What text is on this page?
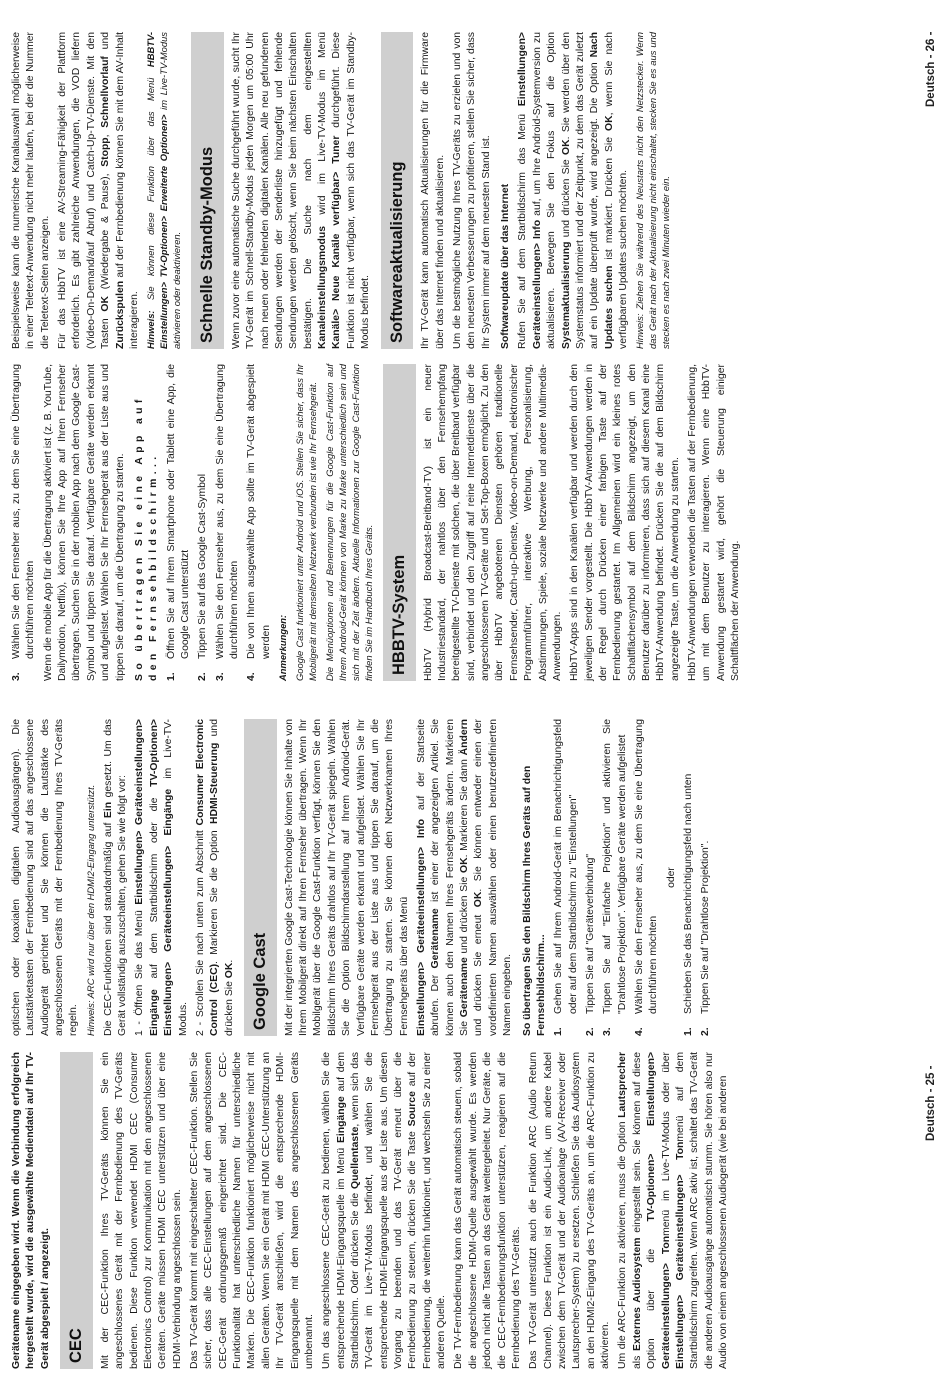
Gerätename eingegeben wird. Wenn die Verbindung erfolgreich hergestellt wurde, wird die ausgewählte Mediendatei auf Ihr TV-Gerät abgespielt / angezeigt. CEC	Mit der CEC-Funktion Ihres TV-Geräts können Sie ein angeschlossenes Gerät mit der Fernbedienung des TV-Geräts bedienen. Diese Funktion verwendet HDMI CEC (Consumer Electronics Control) zur Kommunikation mit den angeschlossenen Geräten. Geräte müssen HDMI CEC unterstützen und über eine HDMI-Verbindung angeschlossen sein. Das TV-Gerät kommt mit eingeschalteter CEC-Funktion. Stellen Sie sicher, dass alle CEC-Einstellungen auf dem angeschlossenen CEC-Gerät ordnungsgemäß eingerichtet sind. Die CEC-Funktionalität hat unterschiedliche Namen für unterschiedliche Marken. Die CEC-Funktion funktioniert möglicherweise nicht mit allen Geräten. Wenn Sie ein Gerät mit HDMI CEC-Unterstützung an Ihr TV-Gerät anschließen, wird die entsprechende HDMI-Eingangsquelle mit dem Namen des angeschlossenen Geräts umbenannt. Um das angeschlossene CEC-Gerät zu bedienen, wählen Sie die entsprechende HDMI-Eingangsquelle im Menü Eingänge auf dem Startbildschirm. Oder drücken Sie die Quellentaste, wenn sich das TV-Gerät im Live-TV-Modus befindet, und wählen Sie die entsprechende HDMI-Eingangsquelle aus der Liste aus. Um diesen Vorgang zu beenden und das TV-Gerät erneut über die Fernbedienung zu steuern, drücken Sie die Taste Source auf der Fernbedienung, die weiterhin funktioniert, und wechseln Sie zu einer anderen Quelle. Die TV-Fernbedienung kann das Gerät automatisch steuern, sobald die angeschlossene HDMI-Quelle ausgewählt wurde. Es werden jedoch nicht alle Tasten an das Gerät weitergeleitet. Nur Geräte, die die CEC-Fernbedienungsfunktion unterstützen, reagieren auf die Fernbedienung des TV-Geräts. Das TV-Gerät unterstützt auch die Funktion ARC (Audio Return Channel). Diese Funktion ist ein Audio-Link, um andere Kabel zwischen dem TV-Gerät und der Audioanlage (A/V-Receiver oder Lautsprecher-System) zu ersetzen. Schließen Sie das Audiosystem an den HDMI2-Eingang des TV-Geräts an, um die ARC-Funktion zu aktivieren. Um die ARC-Funktion zu aktivieren, muss die Option Lautsprecher als Externes Audiosystem eingestellt sein. Sie können auf diese Option über die TV-Optionen> Einstellungen> Geräteeinstellungen> Tonmenü im Live-TV-Modus oder über Einstellungen> Geräteeinstellungen> Tonmenü auf dem Startbildschirm zugreifen. Wenn ARC aktiv ist, schaltet das TV-Gerät die anderen Audioausgänge automatisch stumm. Sie hören also nur Audio von einem angeschlossenen Audiogerät (wie bei anderen
optischen oder koaxialen digitalen Audioausgängen). Die Lautstärketasten der Fernbedienung sind auf das angeschlossene Audiogerät gerichtet und Sie können die Lautstärke des angeschlossenen Geräts mit der Fernbedienung Ihres TV-Geräts regeln. Hinweis: ARC wird nur über den HDMI2-Eingang unterstützt. Die CEC-Funktionen sind standardmäßig auf Ein gesetzt. Um das Gerät vollständig auszuschalten, gehen Sie wie folgt vor: 1 - Öffnen Sie das Menü Einstellungen> Geräteeinstellungen> Eingänge auf dem Startbildschirm oder die TV-Optionen> Einstellungen> Geräteeinstellungen> Eingänge im Live-TV-Modus. 2 - Scrollen Sie nach unten zum Abschnitt Consumer Electronic Control (CEC). Markieren Sie die Option HDMI-Steuerung und drücken Sie OK. Google Cast	Mit der integrierten Google Cast-Technologie können Sie Inhalte von Ihrem Mobilgerät direkt auf Ihren Fernseher übertragen. Wenn Ihr Mobilgerät über die Google Cast-Funktion verfügt, können Sie den Bildschirm Ihres Geräts drahtlos auf Ihr TV-Gerät spiegeln. Wählen Sie die Option Bildschirmdarstellung auf Ihrem Android-Gerät. Verfügbare Geräte werden erkannt und aufgelistet. Wählen Sie Ihr Fernsehgerät aus der Liste aus und tippen Sie darauf, um die Übertragung zu starten. Sie können den Netzwerknamen Ihres Fernsehgeräts über das Menü Einstellungen> Geräteeinstellungen> Info auf der Startseite abrufen. Der Gerätename ist einer der angezeigten Artikel. Sie können auch den Namen Ihres Fernsehgeräts ändern. Markieren Sie Gerätename und drücken Sie OK. Markieren Sie dann Ändern und drücken Sie erneut OK. Sie können entweder einen der vordefinierten Namen auswählen oder einen benutzerdefinierten Namen eingeben. So übertragen Sie den Bildschirm Ihres Geräts auf den Fernsehbildschirm... 1.
Gehen Sie auf Ihrem Android-Gerät im Benachrichtigungsfeld oder auf dem Startbildschirm zu "Einstellungen"
2.
Tippen Sie auf "Geräteverbindung"
3.
Tippen Sie auf "Einfache Projektion" und aktivieren Sie "Drahtlose Projektion". Verfügbare Geräte werden aufgelistet
4.
Wählen Sie den Fernseher aus, zu dem Sie eine Übertragung durchführen möchten
oder
1.
Schieben Sie das Benachrichtigungsfeld nach unten
2.
Tippen Sie auf "Drahtlose Projektion".
3.
Wählen Sie den Fernseher aus, zu dem Sie eine Übertragung durchführen möchten Wenn die mobile App für die Übertragung aktiviert ist (z. B. YouTube, Dailymotion, Netflix), können Sie Ihre App auf Ihren Fernseher übertragen. Suchen Sie in der mobilen App nach dem Google Cast-Symbol und tippen Sie darauf. Verfügbare Geräte werden erkannt und aufgelistet. Wählen Sie Ihr Fernsehgerät aus der Liste aus und tippen Sie darauf, um die Übertragung zu starten. So übertragen Sie eine App auf den Fernsehbildschirm... 1.
Öffnen Sie auf Ihrem Smartphone oder Tablett eine App, die Google Cast unterstützt
2.
Tippen Sie auf das Google Cast-Symbol
3.
Wählen Sie den Fernseher aus, zu dem Sie eine Übertragung durchführen möchten
4.
Die von Ihnen ausgewählte App sollte im TV-Gerät abgespielt werden Anmerkungen: Google Cast funktioniert unter Android und iOS. Stellen Sie sicher, dass Ihr Mobilgerät mit demselben Netzwerk verbunden ist wie Ihr Fernsehgerät. Die Menüoptionen und Benennungen für die Google Cast-Funktion auf Ihrem Android-Gerät können von Marke zu Marke unterschiedlich sein und sich mit der Zeit ändern. Aktuelle Informationen zur Google Cast-Funktion finden Sie im Handbuch Ihres Geräts. HBBTV-System	HbbTV (Hybrid Broadcast-Breitband-TV) ist ein neuer Industriestandard, der nahtlos über den Fernsehempfang bereitgestellte TV-Dienste mit solchen, die über Breitband verfügbar sind, verbindet und den Zugriff auf reine Internetdienste über die angeschlossenen TV-Geräte und Set-Top-Boxen ermöglicht. Zu den über HbbTV angebotenen Diensten gehören traditionelle Fernsehsender, Catch-up-Dienste, Video-on-Demand, elektronischer Programmführer, interaktive Werbung, Personalisierung, Abstimmungen, Spiele, soziale Netzwerke und andere Multimedia-Anwendungen. HbbTV-Apps sind in den Kanälen verfügbar und werden durch den jeweiligen Sender vorgestellt. Die HbbTV-Anwendungen werden in der Regel durch Drücken einer farbigen Taste auf der Fernbedienung gestartet. Im Allgemeinen wird ein kleines rotes Schaltflächensymbol auf dem Bildschirm angezeigt, um den Benutzer darüber zu informieren, dass sich auf diesem Kanal eine HbbTV-Anwendung befindet. Drücken Sie die auf dem Bildschirm angezeigte Taste, um die Anwendung zu starten. HbbTV-Anwendungen verwenden die Tasten auf der Fernbedienung, um mit dem Benutzer zu interagieren. Wenn eine HbbTV-Anwendung gestartet wird, gehört die Steuerung einiger Schaltflächen der Anwendung.
Beispielsweise kann die numerische Kanalauswahl möglicherweise in einer Teletext-Anwendung nicht mehr laufen, bei der die Nummer die Teletext-Seiten anzeigen. Für das HbbTV ist eine AV-Streaming-Fähigkeit der Plattform erforderlich. Es gibt zahlreiche Anwendungen, die VOD liefern (Video-On-Demand/auf Abruf) und Catch-Up-TV-Dienste. Mit den Tasten OK (Wiedergabe & Pause), Stopp, Schnellvorlauf und Zurückspulen auf der Fernbedienung können Sie mit dem AV-Inhalt interagieren. Hinweis: Sie können diese Funktion über das Menü HBBTV-Einstellungen> TV-Optionen> Erweiterte Optionen> im Live-TV-Modus aktivieren oder deaktivieren. Schnelle Standby-Modus	Wenn zuvor eine automatische Suche durchgeführt wurde, sucht Ihr TV-Gerät im Schnell-Standby-Modus jeden Morgen um 05:00 Uhr nach neuen oder fehlenden digitalen Kanälen. Alle neu gefundenen Sendungen werden der Senderliste hinzugefügt und fehlende Sendungen werden gelöscht, wenn Sie beim nächsten Einschalten bestätigen. Die Suche nach dem eingestellten Kanaleinstellungsmodus wird im Live-TV-Modus im Menü Kanäle> Neue Kanäle verfügbar> Tuner durchgeführt. Diese Funktion ist nicht verfügbar, wenn sich das TV-Gerät im Standby-Modus befindet. Softwareaktualisierung	Ihr TV-Gerät kann automatisch Aktualisierungen für die Firmware über das Internet finden und aktualisieren. Um die bestmögliche Nutzung Ihres TV-Geräts zu erzielen und von den neuesten Verbesserungen zu profitieren, stellen Sie sicher, dass Ihr System immer auf dem neuesten Stand ist. Softwareupdate über das Internet Rufen Sie auf dem Startbildschirm das Menü Einstellungen> Geräteeinstellungen> Info auf, um Ihre Android-Systemversion zu aktualisieren. Bewegen Sie den Fokus auf die Option Systemaktualisierung und drücken Sie OK. Sie werden über den Systemstatus informiert und der Zeitpunkt, zu dem das Gerät zuletzt auf ein Update überprüft wurde, wird angezeigt. Die Option Nach Updates suchen ist markiert. Drücken Sie OK, wenn Sie nach verfügbaren Updates suchen möchten. Hinweis: Ziehen Sie während des Neustarts nicht den Netzstecker. Wenn das Gerät nach der Aktualisierung nicht einschaltet, stecken Sie es aus und stecken es nach zwei Minuten wieder ein.
Deutsch - 25 -
Deutsch - 26 -
